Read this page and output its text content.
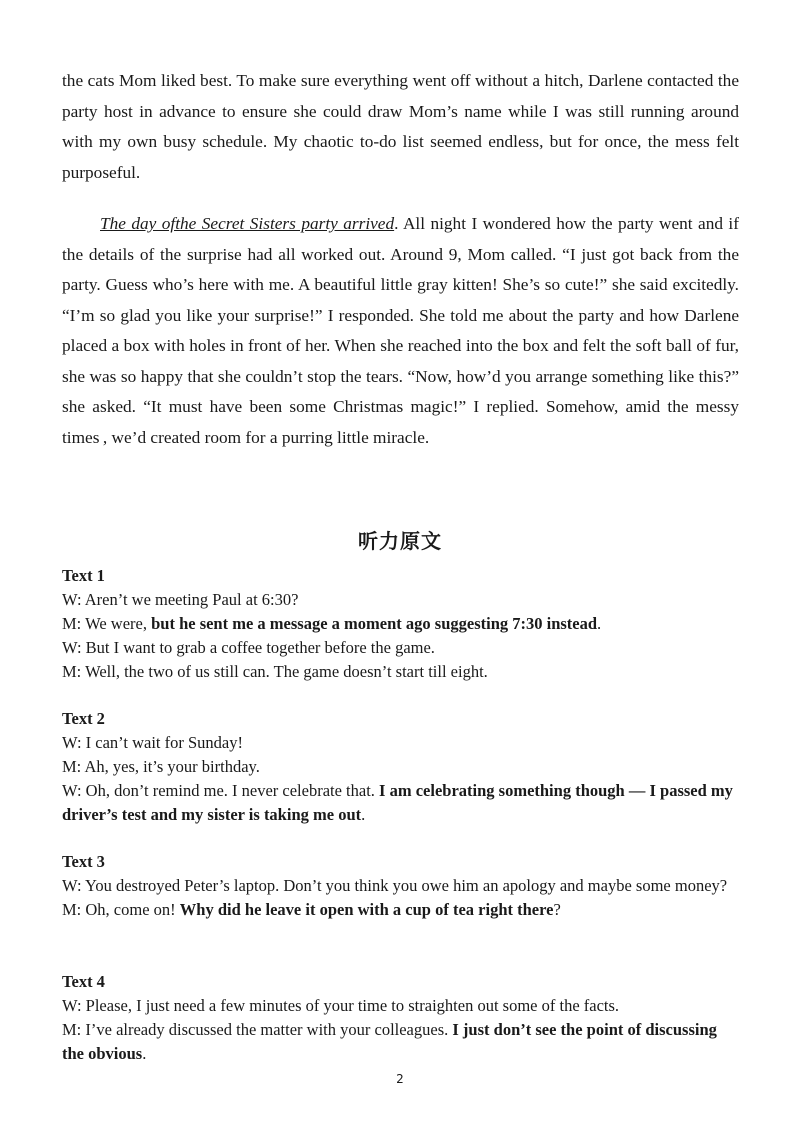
the cats Mom liked best. To make sure everything went off without a hitch, Darlene contacted the party host in advance to ensure she could draw Mom’s name while I was still running around with my own busy schedule. My chaotic to-do list seemed endless, but for once, the mess felt purposeful.

The day ofthe Secret Sisters party arrived. All night I wondered how the party went and if the details of the surprise had all worked out. Around 9, Mom called. “I just got back from the party. Guess who’s here with me. A beautiful little gray kitten! She’s so cute!” she said excitedly. “I’m so glad you like your surprise!” I responded. She told me about the party and how Darlene placed a box with holes in front of her. When she reached into the box and felt the soft ball of fur, she was so happy that she couldn’t stop the tears. “Now, how’d you arrange something like this?” she asked. “It must have been some Christmas magic!” I replied. Somehow, amid the messy times , we’d created room for a purring little miracle.

听力原文

Text 1

W: Aren’t we meeting Paul at 6:30?

M: We were, but he sent me a message a moment ago suggesting 7:30 instead.

W: But I want to grab a coffee together before the game.

M: Well, the two of us still can. The game doesn’t start till eight.

Text 2

W: I can’t wait for Sunday!

M: Ah, yes, it’s your birthday.

W: Oh, don’t remind me. I never celebrate that. I am celebrating something though — I passed my driver’s test and my sister is taking me out.

Text 3

W: You destroyed Peter’s laptop. Don’t you think you owe him an apology and maybe some money?

M: Oh, come on! Why did he leave it open with a cup of tea right there?

Text 4

W: Please, I just need a few minutes of your time to straighten out some of the facts.

M: I’ve already discussed the matter with your colleagues. I just don’t see the point of discussing the obvious.

2
